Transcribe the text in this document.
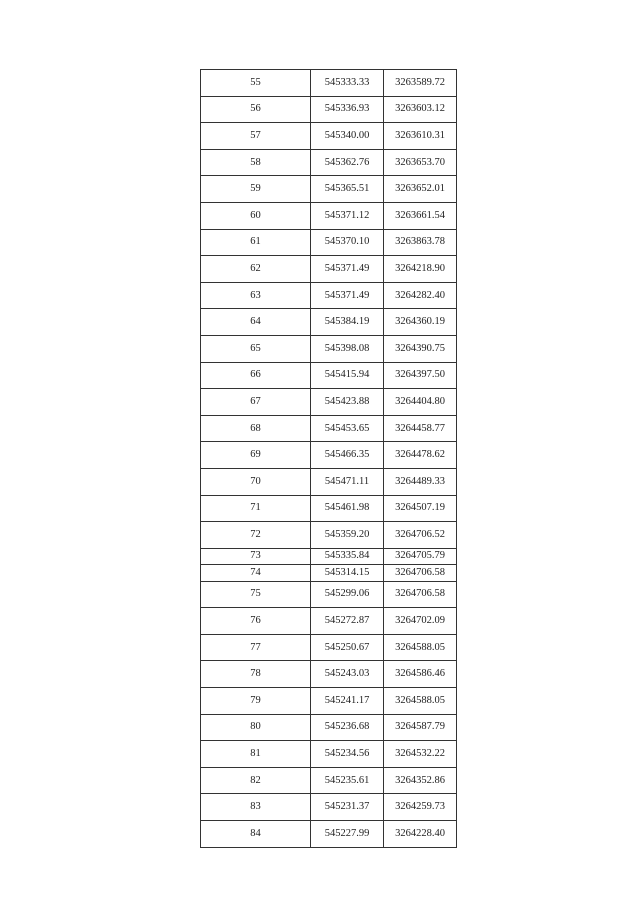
55	545333.33	3263589.72
56	545336.93	3263603.12
57	545340.00	3263610.31
58	545362.76	3263653.70
59	545365.51	3263652.01
60	545371.12	3263661.54
61	545370.10	3263863.78
62	545371.49	3264218.90
63	545371.49	3264282.40
64	545384.19	3264360.19
65	545398.08	3264390.75
66	545415.94	3264397.50
67	545423.88	3264404.80
68	545453.65	3264458.77
69	545466.35	3264478.62
70	545471.11	3264489.33
71	545461.98	3264507.19
72	545359.20	3264706.52
73	545335.84	3264705.79
74	545314.15	3264706.58
75	545299.06	3264706.58
76	545272.87	3264702.09
77	545250.67	3264588.05
78	545243.03	3264586.46
79	545241.17	3264588.05
80	545236.68	3264587.79
81	545234.56	3264532.22
82	545235.61	3264352.86
83	545231.37	3264259.73
84	545227.99	3264228.40
